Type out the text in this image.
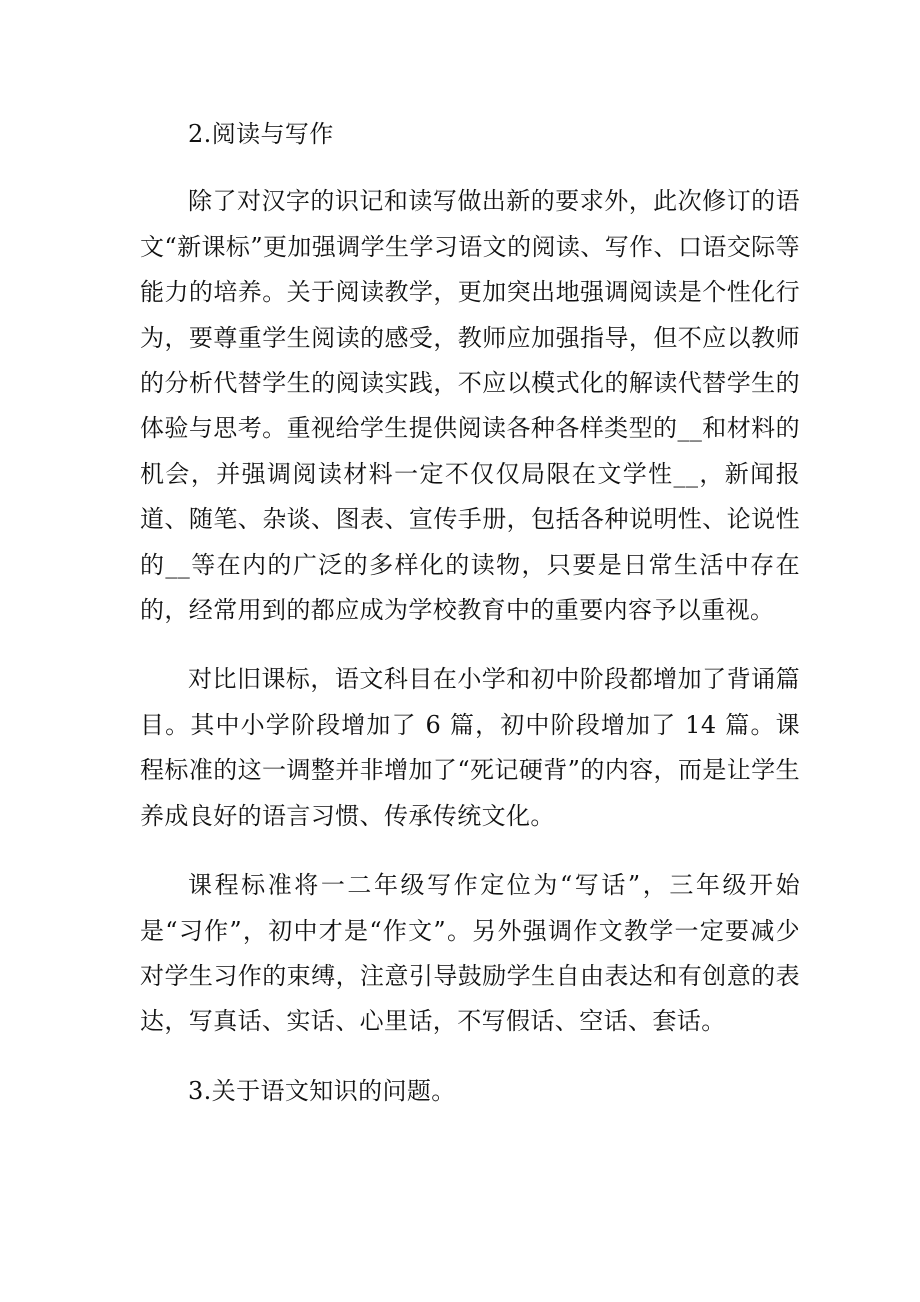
2.阅读与写作

除了对汉字的识记和读写做出新的要求外，此次修订的语文“新课标”更加强调学生学习语文的阅读、写作、口语交际等能力的培养。关于阅读教学，更加突出地强调阅读是个性化行为，要尊重学生阅读的感受，教师应加强指导，但不应以教师的分析代替学生的阅读实践，不应以模式化的解读代替学生的体验与思考。重视给学生提供阅读各种各样类型的__和材料的机会，并强调阅读材料一定不仅仅局限在文学性__，新闻报道、随笔、杂谈、图表、宣传手册，包括各种说明性、论说性的__等在内的广泛的多样化的读物，只要是日常生活中存在的，经常用到的都应成为学校教育中的重要内容予以重视。

对比旧课标，语文科目在小学和初中阶段都增加了背诵篇目。其中小学阶段增加了 6 篇，初中阶段增加了 14 篇。课程标准的这一调整并非增加了“死记硬背”的内容，而是让学生养成良好的语言习惯、传承传统文化。

课程标准将一二年级写作定位为“写话”，三年级开始是“习作”，初中才是“作文”。另外强调作文教学一定要减少对学生习作的束缚，注意引导鼓励学生自由表达和有创意的表达，写真话、实话、心里话，不写假话、空话、套话。

3.关于语文知识的问题。
